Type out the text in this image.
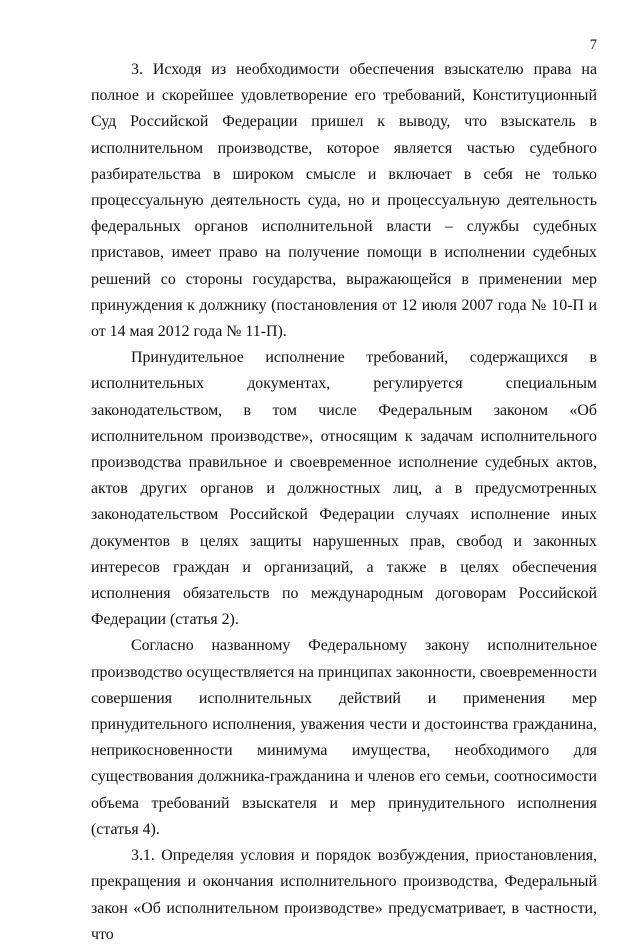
7

3. Исходя из необходимости обеспечения взыскателю права на полное и скорейшее удовлетворение его требований, Конституционный Суд Российской Федерации пришел к выводу, что взыскатель в исполнительном производстве, которое является частью судебного разбирательства в широком смысле и включает в себя не только процессуальную деятельность суда, но и процессуальную деятельность федеральных органов исполнительной власти – службы судебных приставов, имеет право на получение помощи в исполнении судебных решений со стороны государства, выражающейся в применении мер принуждения к должнику (постановления от 12 июля 2007 года № 10-П и от 14 мая 2012 года № 11-П).

Принудительное исполнение требований, содержащихся в исполнительных документах, регулируется специальным законодательством, в том числе Федеральным законом «Об исполнительном производстве», относящим к задачам исполнительного производства правильное и своевременное исполнение судебных актов, актов других органов и должностных лиц, а в предусмотренных законодательством Российской Федерации случаях исполнение иных документов в целях защиты нарушенных прав, свобод и законных интересов граждан и организаций, а также в целях обеспечения исполнения обязательств по международным договорам Российской Федерации (статья 2).

Согласно названному Федеральному закону исполнительное производство осуществляется на принципах законности, своевременности совершения исполнительных действий и применения мер принудительного исполнения, уважения чести и достоинства гражданина, неприкосновенности минимума имущества, необходимого для существования должника-гражданина и членов его семьи, соотносимости объема требований взыскателя и мер принудительного исполнения (статья 4).

3.1. Определяя условия и порядок возбуждения, приостановления, прекращения и окончания исполнительного производства, Федеральный закон «Об исполнительном производстве» предусматривает, в частности, что
